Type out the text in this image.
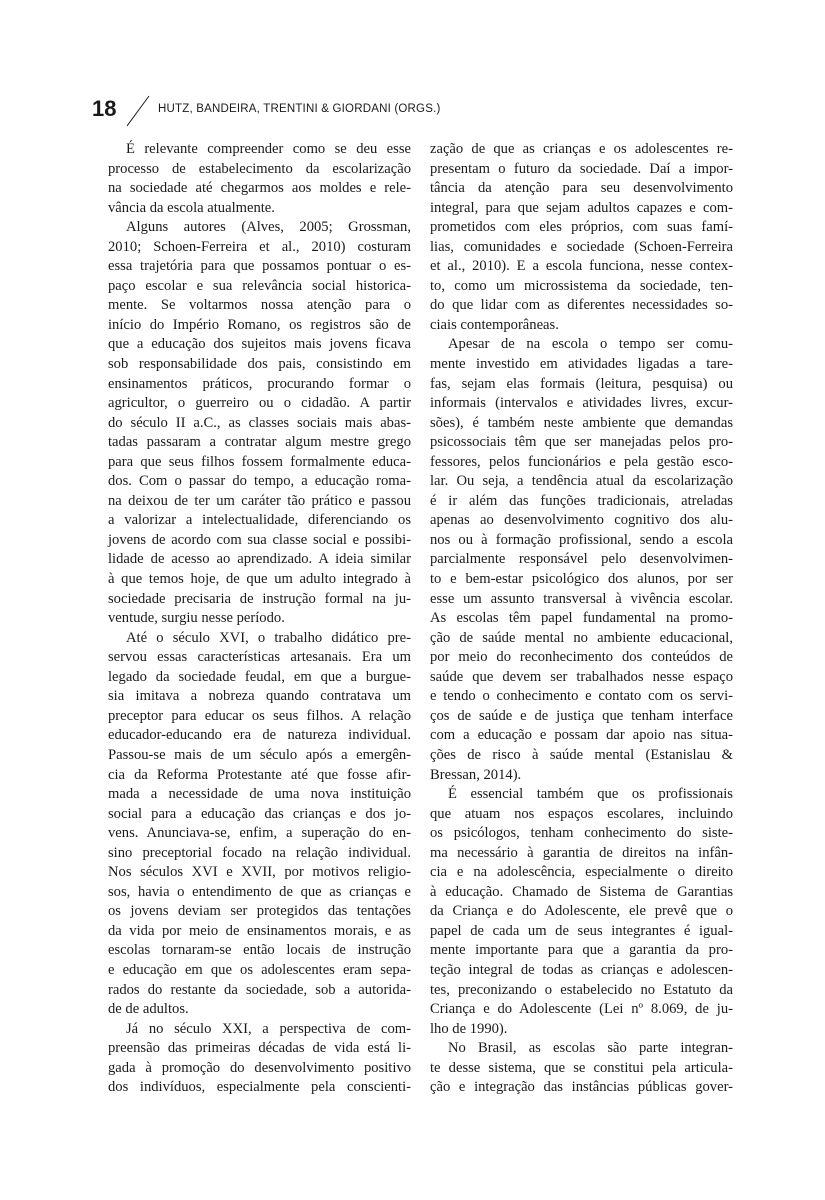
18	HUTZ, BANDEIRA, TRENTINI & GIORDANI (ORGS.)
É relevante compreender como se deu esse
processo de estabelecimento da escolarização
na sociedade até chegarmos aos moldes e rele-
vância da escola atualmente.
Alguns autores (Alves, 2005; Grossman,
2010; Schoen-Ferreira et al., 2010) costuram
essa trajetória para que possamos pontuar o es-
paço escolar e sua relevância social historica-
mente. Se voltarmos nossa atenção para o
início do Império Romano, os registros são de
que a educação dos sujeitos mais jovens ficava
sob responsabilidade dos pais, consistindo em
ensinamentos práticos, procurando formar o
agricultor, o guerreiro ou o cidadão. A partir
do século II a.C., as classes sociais mais abas-
tadas passaram a contratar algum mestre grego
para que seus filhos fossem formalmente educa-
dos. Com o passar do tempo, a educação roma-
na deixou de ter um caráter tão prático e passou
a valorizar a intelectualidade, diferenciando os
jovens de acordo com sua classe social e possibi-
lidade de acesso ao aprendizado. A ideia similar
à que temos hoje, de que um adulto integrado à
sociedade precisaria de instrução formal na ju-
ventude, surgiu nesse período.
Até o século XVI, o trabalho didático pre-
servou essas características artesanais. Era um
legado da sociedade feudal, em que a burgue-
sia imitava a nobreza quando contratava um
preceptor para educar os seus filhos. A relação
educador-educando era de natureza individual.
Passou-se mais de um século após a emergên-
cia da Reforma Protestante até que fosse afir-
mada a necessidade de uma nova instituição
social para a educação das crianças e dos jo-
vens. Anunciava-se, enfim, a superação do en-
sino preceptorial focado na relação individual.
Nos séculos XVI e XVII, por motivos religio-
sos, havia o entendimento de que as crianças e
os jovens deviam ser protegidos das tentações
da vida por meio de ensinamentos morais, e as
escolas tornaram-se então locais de instrução
e educação em que os adolescentes eram sepa-
rados do restante da sociedade, sob a autorida-
de de adultos.
Já no século XXI, a perspectiva de com-
preensão das primeiras décadas de vida está li-
gada à promoção do desenvolvimento positivo
dos indivíduos, especialmente pela conscienti-
zação de que as crianças e os adolescentes re-
presentam o futuro da sociedade. Daí a impor-
tância da atenção para seu desenvolvimento
integral, para que sejam adultos capazes e com-
prometidos com eles próprios, com suas famí-
lias, comunidades e sociedade (Schoen-Ferreira
et al., 2010). E a escola funciona, nesse contex-
to, como um microssistema da sociedade, ten-
do que lidar com as diferentes necessidades so-
ciais contemporâneas.
Apesar de na escola o tempo ser comu-
mente investido em atividades ligadas a tare-
fas, sejam elas formais (leitura, pesquisa) ou
informais (intervalos e atividades livres, excur-
sões), é também neste ambiente que demandas
psicossociais têm que ser manejadas pelos pro-
fessores, pelos funcionários e pela gestão esco-
lar. Ou seja, a tendência atual da escolarização
é ir além das funções tradicionais, atreladas
apenas ao desenvolvimento cognitivo dos alu-
nos ou à formação profissional, sendo a escola
parcialmente responsável pelo desenvolvimen-
to e bem-estar psicológico dos alunos, por ser
esse um assunto transversal à vivência escolar.
As escolas têm papel fundamental na promo-
ção de saúde mental no ambiente educacional,
por meio do reconhecimento dos conteúdos de
saúde que devem ser trabalhados nesse espaço
e tendo o conhecimento e contato com os servi-
ços de saúde e de justiça que tenham interface
com a educação e possam dar apoio nas situa-
ções de risco à saúde mental (Estanislau &
Bressan, 2014).
É essencial também que os profissionais
que atuam nos espaços escolares, incluindo
os psicólogos, tenham conhecimento do siste-
ma necessário à garantia de direitos na infân-
cia e na adolescência, especialmente o direito
à educação. Chamado de Sistema de Garantias
da Criança e do Adolescente, ele prevê que o
papel de cada um de seus integrantes é igual-
mente importante para que a garantia da pro-
teção integral de todas as crianças e adolescen-
tes, preconizando o estabelecido no Estatuto da
Criança e do Adolescente (Lei nº 8.069, de ju-
lho de 1990).
No Brasil, as escolas são parte integran-
te desse sistema, que se constitui pela articula-
ção e integração das instâncias públicas gover-
